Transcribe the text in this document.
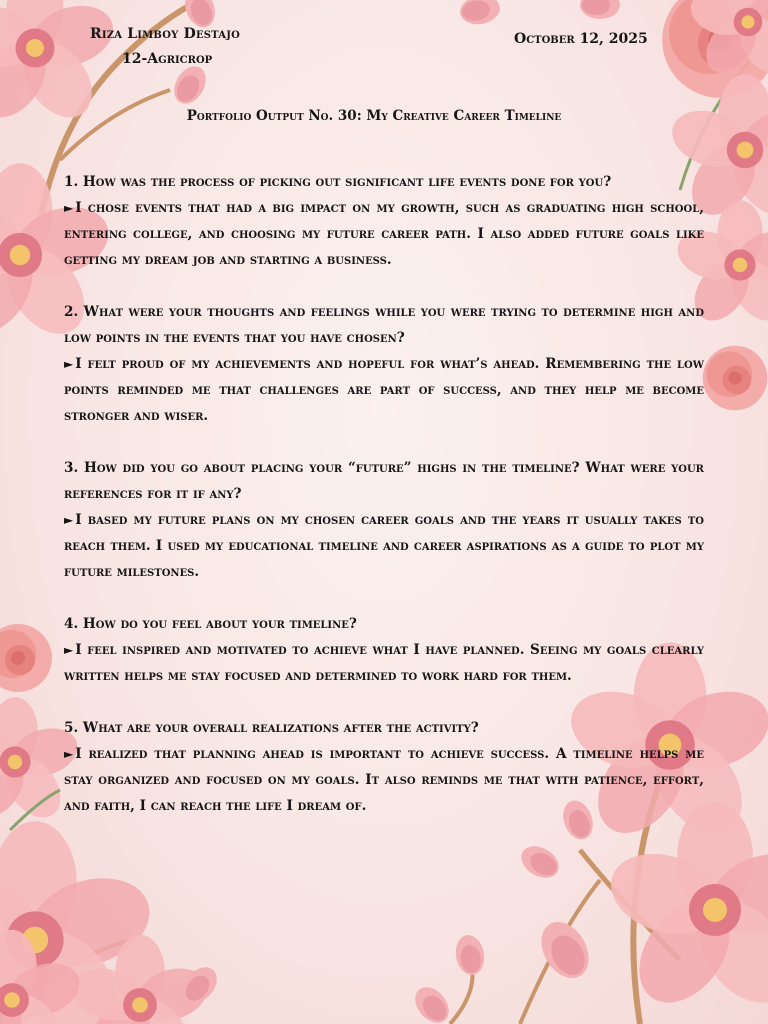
Riza Limboy Destajo
12-Agricrop
October 12, 2025
Portfolio Output No. 30: My Creative Career Timeline

1. How was the process of picking out significant life events done for you?

► I chose events that had a big impact on my growth, such as graduating high school, entering college, and choosing my future career path. I also added future goals like getting my dream job and starting a business.

2. What were your thoughts and feelings while you were trying to determine high and low points in the events that you have chosen?

► I felt proud of my achievements and hopeful for what’s ahead. Remembering the low points reminded me that challenges are part of success, and they help me become stronger and wiser.

3. How did you go about placing your “future” highs in the timeline? What were your references for it if any?

► I based my future plans on my chosen career goals and the years it usually takes to reach them. I used my educational timeline and career aspirations as a guide to plot my future milestones.

4. How do you feel about your timeline?

► I feel inspired and motivated to achieve what I have planned. Seeing my goals clearly written helps me stay focused and determined to work hard for them.

5. What are your overall realizations after the activity?

► I realized that planning ahead is important to achieve success. A timeline helps me stay organized and focused on my goals. It also reminds me that with patience, effort, and faith, I can reach the life I dream of.
